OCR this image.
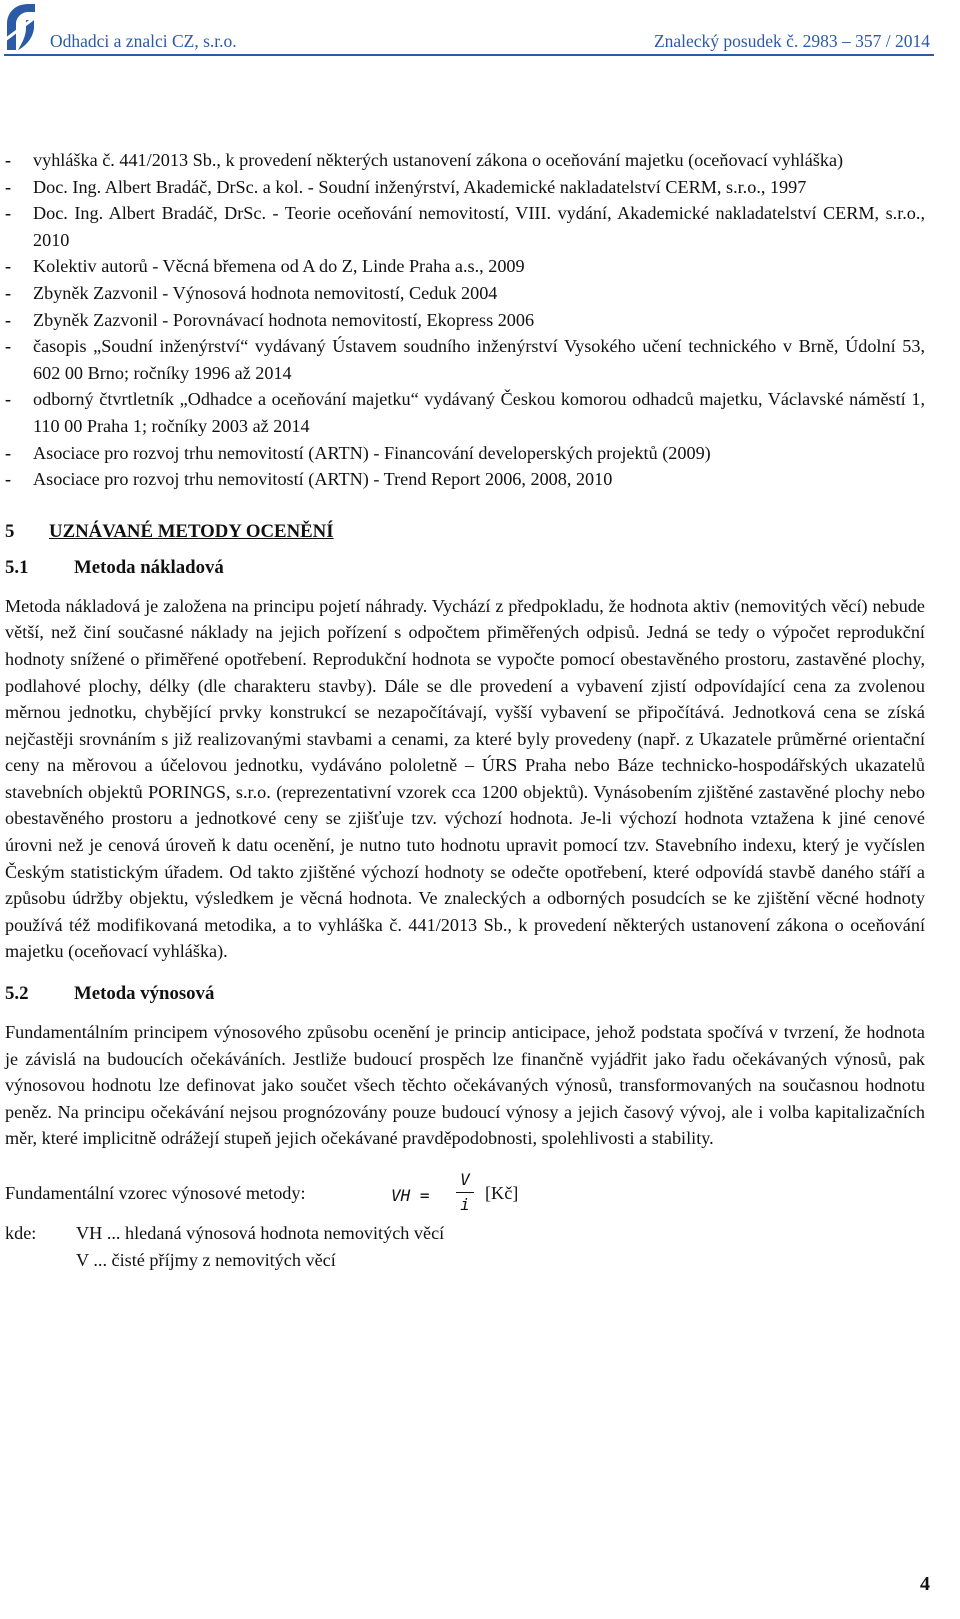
Odhadci a znalci CZ, s.r.o.	Znalecký posudek č. 2983 – 357 / 2014
- vyhláška č. 441/2013 Sb., k provedení některých ustanovení zákona o oceňování majetku (oceňovací vyhláška)
- Doc. Ing. Albert Bradáč, DrSc. a kol. - Soudní inženýrství, Akademické nakladatelství CERM, s.r.o., 1997
- Doc. Ing. Albert Bradáč, DrSc. - Teorie oceňování nemovitostí, VIII. vydání, Akademické nakladatelství CERM, s.r.o., 2010
- Kolektiv autorů - Věcná břemena od A do Z, Linde Praha a.s., 2009
- Zbyněk Zazvonil - Výnosová hodnota nemovitostí, Ceduk 2004
- Zbyněk Zazvonil - Porovnávací hodnota nemovitostí, Ekopress 2006
- časopis „Soudní inženýrství“ vydávaný Ústavem soudního inženýrství Vysokého učení technického v Brně, Údolní 53, 602 00 Brno; ročníky 1996 až 2014
- odborný čtvrtletník „Odhadce a oceňování majetku“ vydávaný Českou komorou odhadců majetku, Václavské náměstí 1, 110 00 Praha 1; ročníky 2003 až 2014
- Asociace pro rozvoj trhu nemovitostí (ARTN) - Financování developerských projektů (2009)
- Asociace pro rozvoj trhu nemovitostí (ARTN) - Trend Report 2006, 2008, 2010
5	UZNÁVANÉ METODY OCENĚNÍ
5.1	Metoda nákladová

Metoda nákladová je založena na principu pojetí náhrady. Vychází z předpokladu, že hodnota aktiv (nemovitých věcí) nebude větší, než činí současné náklady na jejich pořízení s odpočtem přiměřených odpisů. Jedná se tedy o výpočet reprodukční hodnoty snížené o přiměřené opotřebení. Reprodukční hodnota se vypočte pomocí obestavěného prostoru, zastavěné plochy, podlahové plochy, délky (dle charakteru stavby). Dále se dle provedení a vybavení zjistí odpovídající cena za zvolenou měrnou jednotku, chybějící prvky konstrukcí se nezapočítávají, vyšší vybavení se připočítává. Jednotková cena se získá nejčastěji srovnáním s již realizovanými stavbami a cenami, za které byly provedeny (např. z Ukazatele průměrné orientační ceny na měrovou a účelovou jednotku, vydáváno pololetně – ÚRS Praha nebo Báze technicko-hospodářských ukazatelů stavebních objektů PORINGS, s.r.o. (reprezentativní vzorek cca 1200 objektů). Vynásobením zjištěné zastavěné plochy nebo obestavěného prostoru a jednotkové ceny se zjišťuje tzv. výchozí hodnota. Je-li výchozí hodnota vztažena k jiné cenové úrovni než je cenová úroveň k datu ocenění, je nutno tuto hodnotu upravit pomocí tzv. Stavebního indexu, který je vyčíslen Českým statistickým úřadem. Od takto zjištěné výchozí hodnoty se odečte opotřebení, které odpovídá stavbě daného stáří a způsobu údržby objektu, výsledkem je věcná hodnota. Ve znaleckých a odborných posudcích se ke zjištění věcné hodnoty používá též modifikovaná metodika, a to vyhláška č. 441/2013 Sb., k provedení některých ustanovení zákona o oceňování majetku (oceňovací vyhláška).

5.2	Metoda výnosová

Fundamentálním principem výnosového způsobu ocenění je princip anticipace, jehož podstata spočívá v tvrzení, že hodnota je závislá na budoucích očekáváních. Jestliže budoucí prospěch lze finančně vyjádřit jako řadu očekávaných výnosů, pak výnosovou hodnotu lze definovat jako součet všech těchto očekávaných výnosů, transformovaných na současnou hodnotu peněz. Na principu očekávání nejsou prognózovány pouze budoucí výnosy a jejich časový vývoj, ale i volba kapitalizačních měr, které implicitně odrážejí stupeň jejich očekávané pravděpodobnosti, spolehlivosti a stability.

Fundamentální vzorec výnosové metody:	VH =
V
i
[Kč]
kde:	VH ... hledaná výnosová hodnota nemovitých věcí
V ... čisté příjmy z nemovitých věcí
4
